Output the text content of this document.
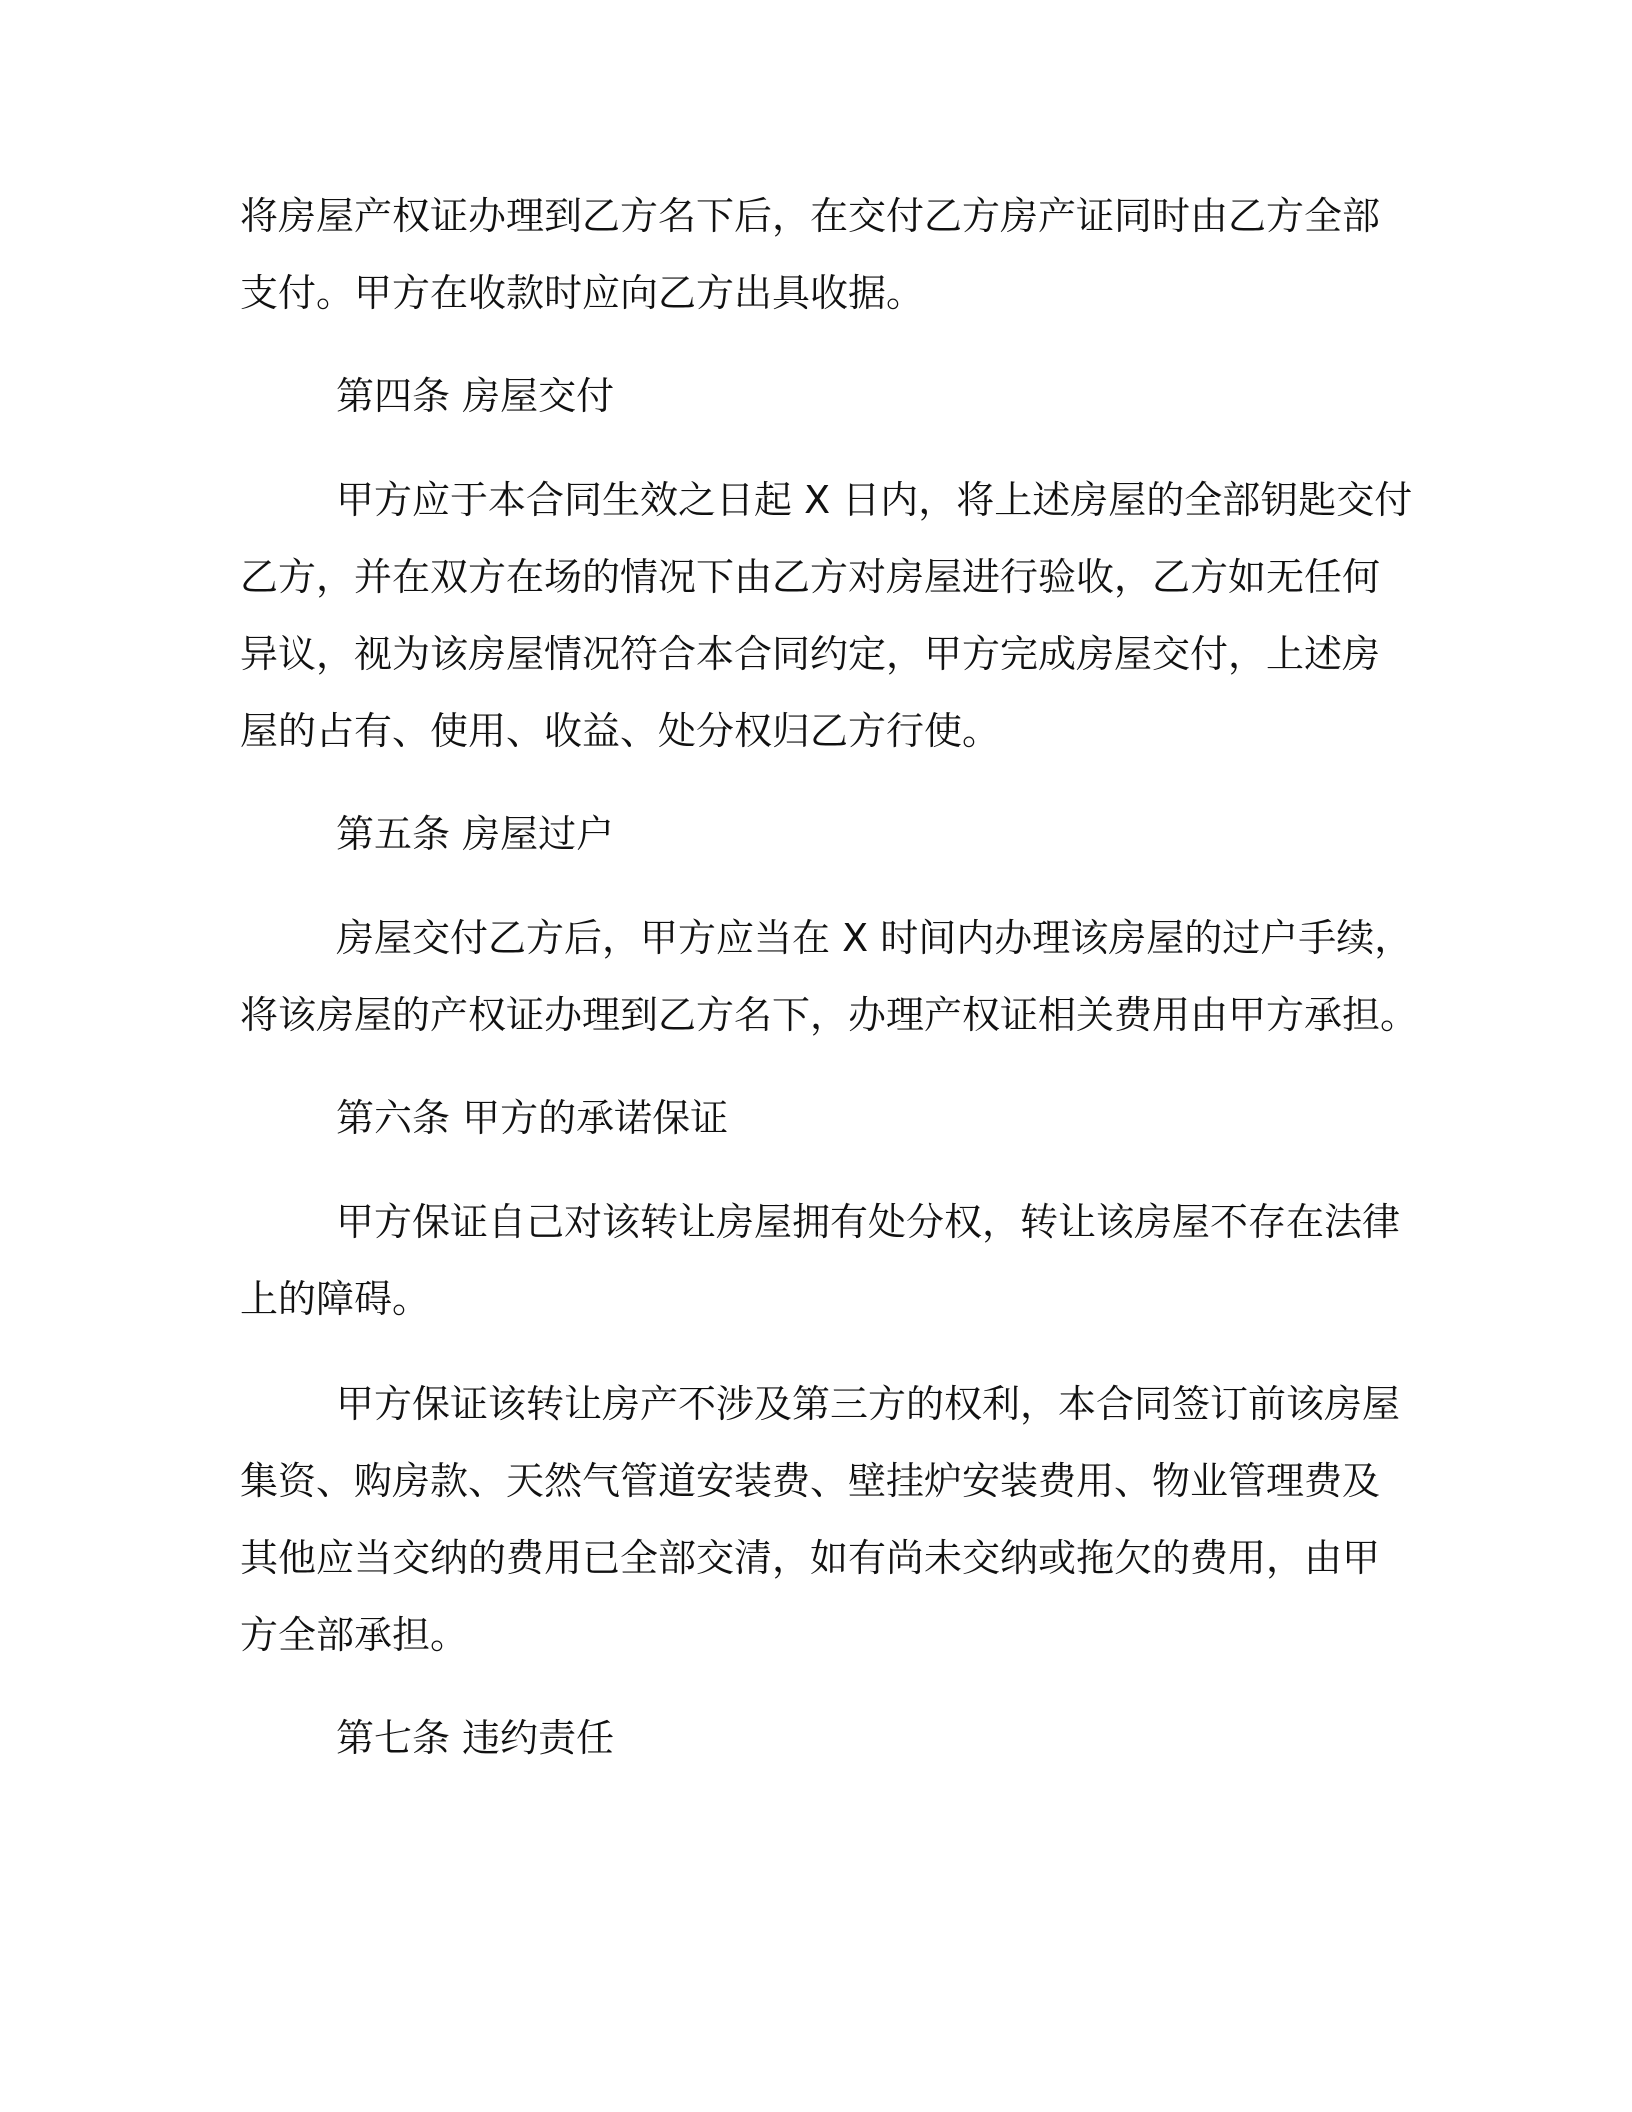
将房屋产权证办理到乙方名下后，在交付乙方房产证同时由乙方全部
支付。甲方在收款时应向乙方出具收据。

第四条 房屋交付

甲方应于本合同生效之日起 X 日内，将上述房屋的全部钥匙交付
乙方，并在双方在场的情况下由乙方对房屋进行验收，乙方如无任何
异议，视为该房屋情况符合本合同约定，甲方完成房屋交付，上述房
屋的占有、使用、收益、处分权归乙方行使。

第五条 房屋过户

房屋交付乙方后，甲方应当在 X 时间内办理该房屋的过户手续，
将该房屋的产权证办理到乙方名下，办理产权证相关费用由甲方承担。

第六条 甲方的承诺保证

甲方保证自己对该转让房屋拥有处分权，转让该房屋不存在法律
上的障碍。

甲方保证该转让房产不涉及第三方的权利，本合同签订前该房屋
集资、购房款、天然气管道安装费、壁挂炉安装费用、物业管理费及
其他应当交纳的费用已全部交清，如有尚未交纳或拖欠的费用，由甲
方全部承担。

第七条 违约责任
